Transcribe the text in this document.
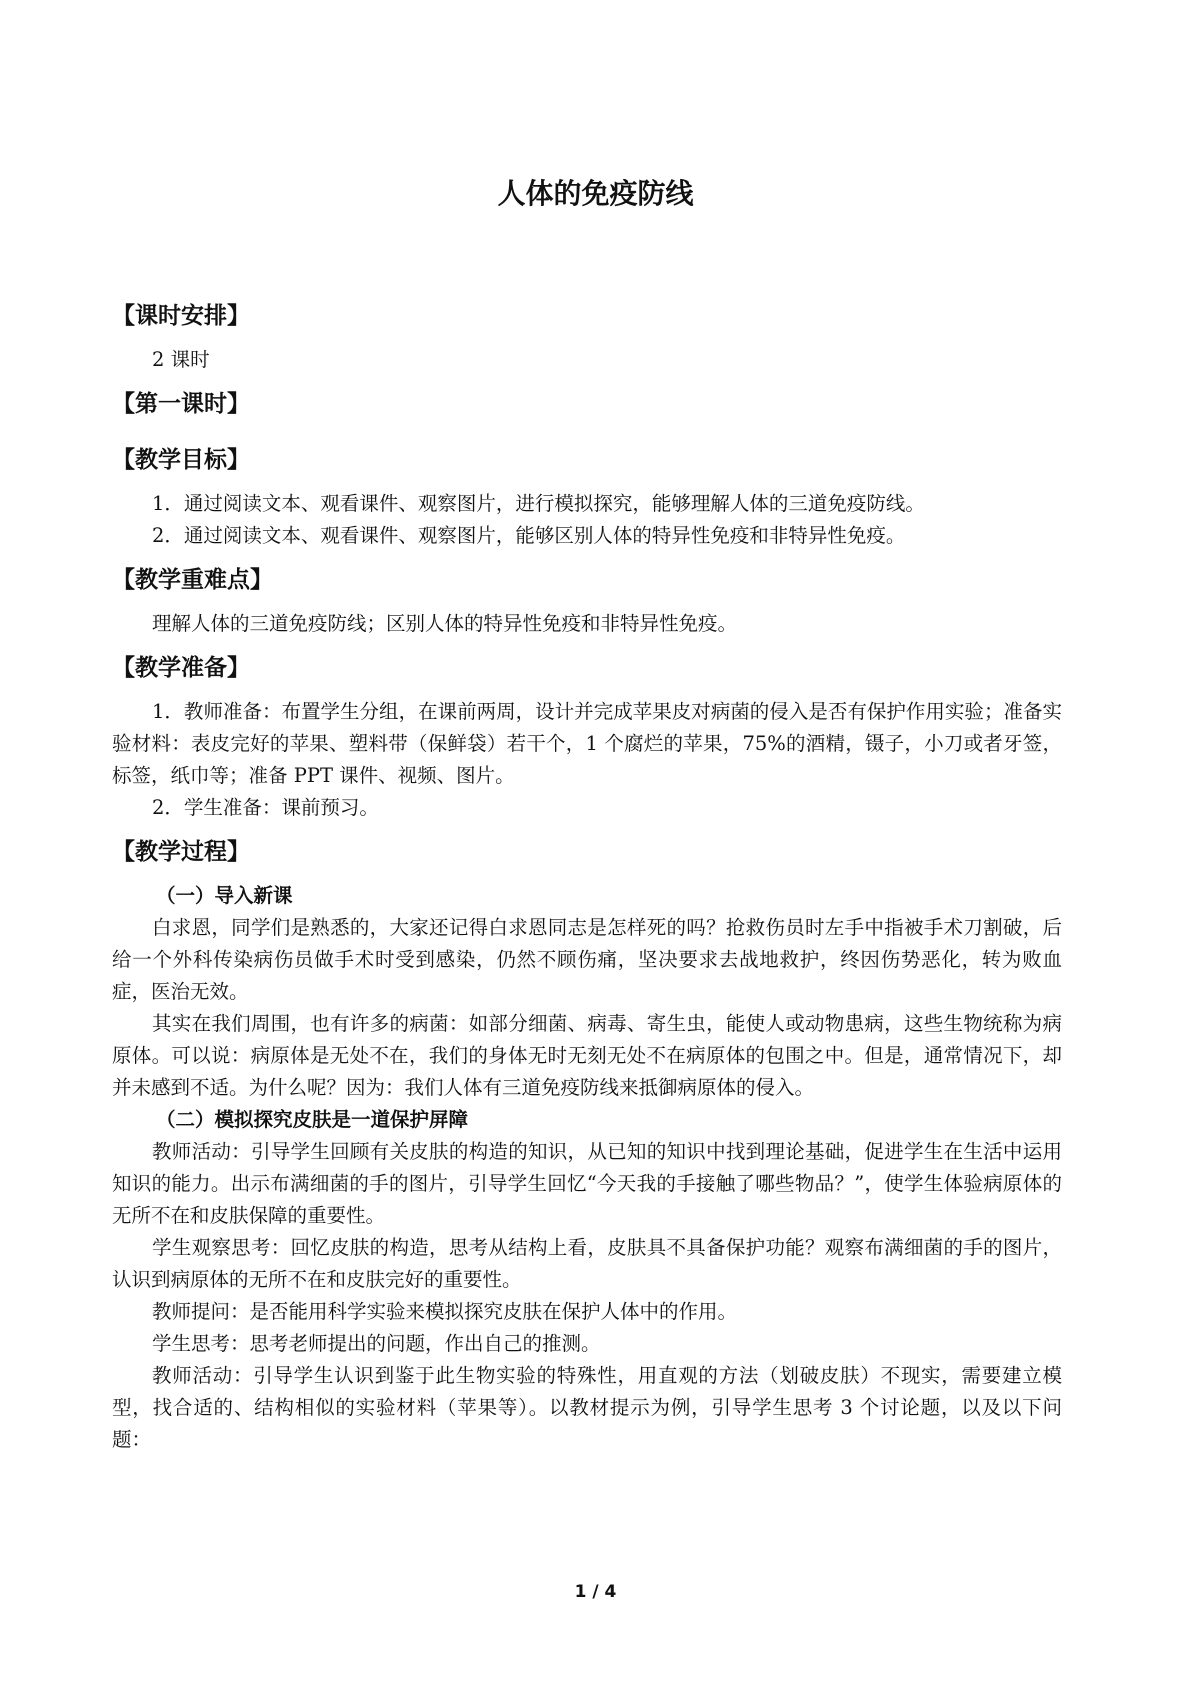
人体的免疫防线
【课时安排】

2 课时

【第一课时】
【教学目标】

1．通过阅读文本、观看课件、观察图片，进行模拟探究，能够理解人体的三道免疫防线。

2．通过阅读文本、观看课件、观察图片，能够区别人体的特异性免疫和非特异性免疫。

【教学重难点】

理解人体的三道免疫防线；区别人体的特异性免疫和非特异性免疫。

【教学准备】

1．教师准备：布置学生分组，在课前两周，设计并完成苹果皮对病菌的侵入是否有保护作用实验；准备实验材料：表皮完好的苹果、塑料带（保鲜袋）若干个，1 个腐烂的苹果，75%的酒精，镊子，小刀或者牙签，标签，纸巾等；准备 PPT 课件、视频、图片。

2．学生准备：课前预习。

【教学过程】

（一）导入新课

白求恩，同学们是熟悉的，大家还记得白求恩同志是怎样死的吗？抢救伤员时左手中指被手术刀割破，后给一个外科传染病伤员做手术时受到感染，仍然不顾伤痛，坚决要求去战地救护，终因伤势恶化，转为败血症，医治无效。

其实在我们周围，也有许多的病菌：如部分细菌、病毒、寄生虫，能使人或动物患病，这些生物统称为病原体。可以说：病原体是无处不在，我们的身体无时无刻无处不在病原体的包围之中。但是，通常情况下，却并未感到不适。为什么呢？因为：我们人体有三道免疫防线来抵御病原体的侵入。

（二）模拟探究皮肤是一道保护屏障

教师活动：引导学生回顾有关皮肤的构造的知识，从已知的知识中找到理论基础，促进学生在生活中运用知识的能力。出示布满细菌的手的图片，引导学生回忆“今天我的手接触了哪些物品？”，使学生体验病原体的无所不在和皮肤保障的重要性。

学生观察思考：回忆皮肤的构造，思考从结构上看，皮肤具不具备保护功能？观察布满细菌的手的图片，认识到病原体的无所不在和皮肤完好的重要性。

教师提问：是否能用科学实验来模拟探究皮肤在保护人体中的作用。

学生思考：思考老师提出的问题，作出自己的推测。

教师活动：引导学生认识到鉴于此生物实验的特殊性，用直观的方法（划破皮肤）不现实，需要建立模型，找合适的、结构相似的实验材料（苹果等）。以教材提示为例，引导学生思考 3 个讨论题，以及以下问题：

1 / 4
